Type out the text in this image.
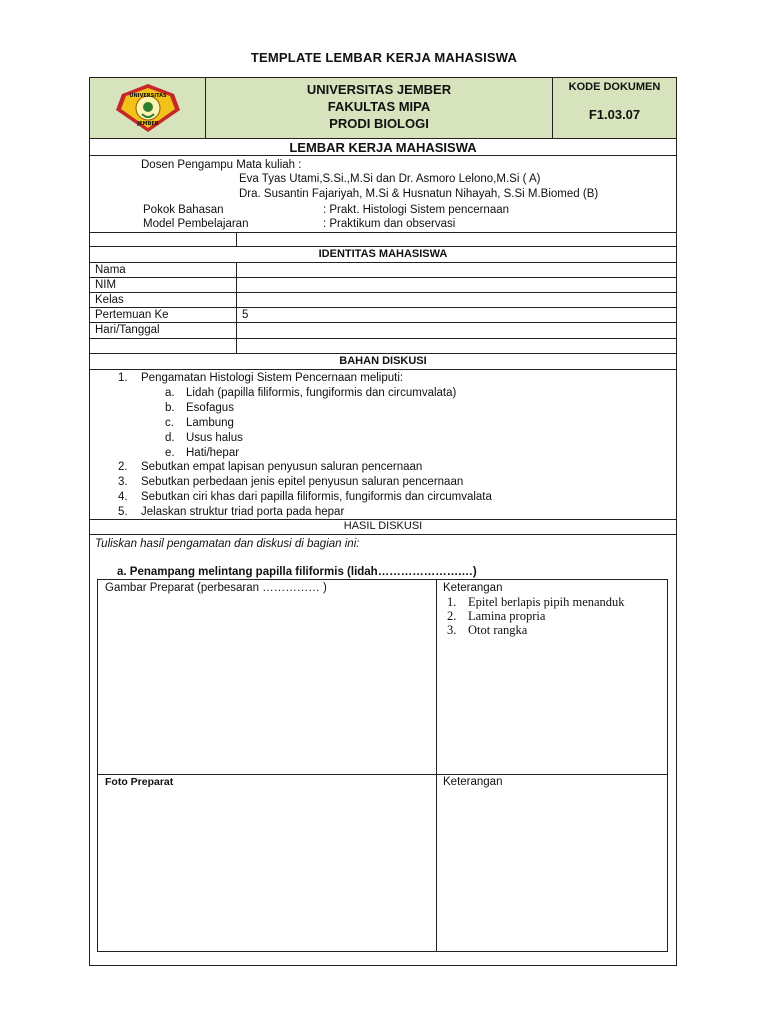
TEMPLATE LEMBAR KERJA MAHASISWA
UNIVERSITAS
JEMBER
UNIVERSITAS JEMBER
FAKULTAS MIPA
PRODI BIOLOGI
KODE DOKUMEN
F1.03.07
LEMBAR KERJA MAHASISWA
Dosen Pengampu Mata kuliah :
Eva Tyas Utami,S.Si.,M.Si dan Dr. Asmoro Lelono,M.Si ( A)
Dra. Susantin Fajariyah, M.Si & Husnatun Nihayah, S.Si M.Biomed (B)
Pokok Bahasan	: Prakt. Histologi Sistem pencernaan
Model Pembelajaran	: Praktikum dan observasi
IDENTITAS MAHASISWA
Nama
NIM
Kelas
Pertemuan Ke	5
Hari/Tanggal
BAHAN DISKUSI
1. Pengamatan Histologi Sistem Pencernaan meliputi:
a. Lidah (papilla filiformis, fungiformis dan circumvalata)
b. Esofagus
c. Lambung
d. Usus halus
e. Hati/hepar
2. Sebutkan empat lapisan penyusun saluran pencernaan
3. Sebutkan perbedaan jenis epitel penyusun saluran pencernaan
4. Sebutkan ciri khas dari papilla filiformis, fungiformis dan circumvalata
5. Jelaskan struktur triad porta pada hepar
HASIL DISKUSI
Tuliskan hasil pengamatan dan diskusi di bagian ini:
a. Penampang melintang papilla filiformis (lidah………………….…)
Gambar Preparat (perbesaran …………… )	Keterangan
1. Epitel berlapis pipih menanduk
2. Lamina propria
3. Otot rangka
Foto Preparat	Keterangan
